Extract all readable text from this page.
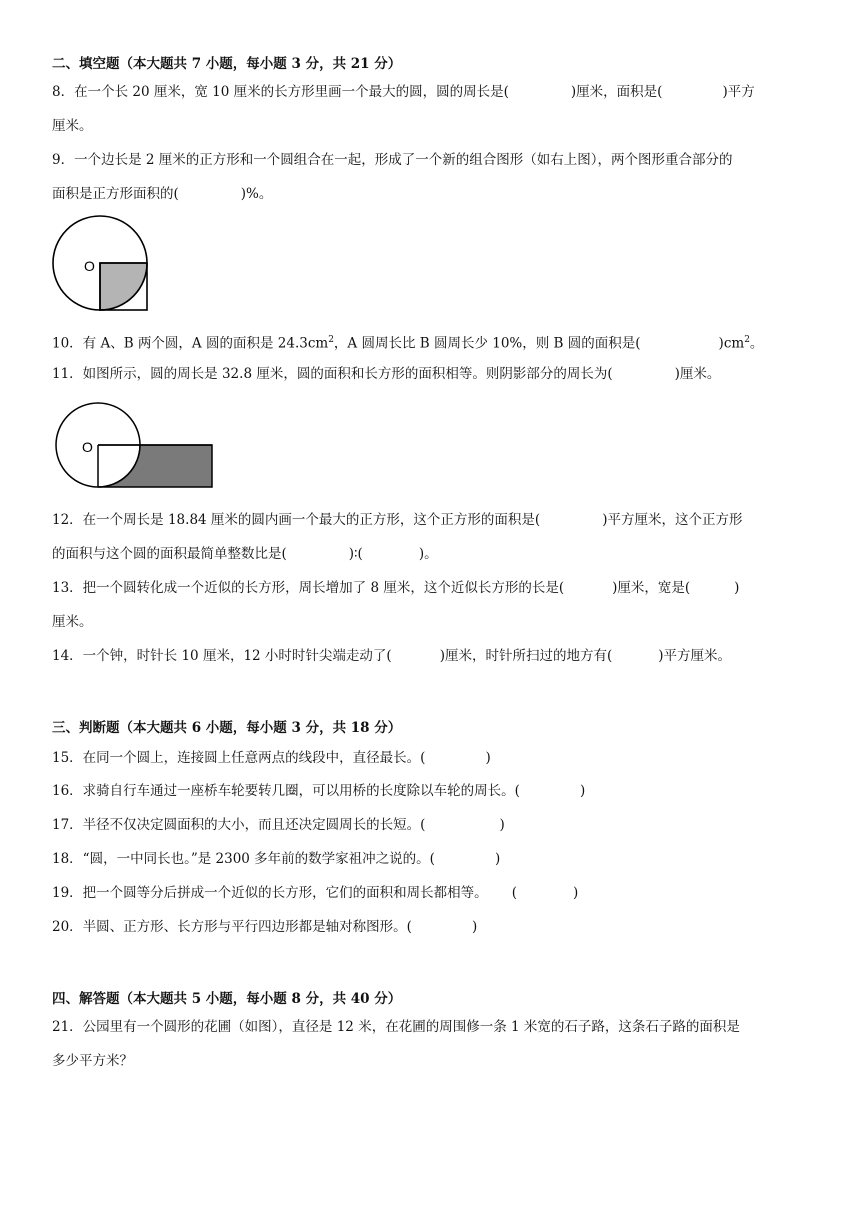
二、填空题（本大题共 7 小题，每小题 3 分，共 21 分）
8．在一个长 20 厘米，宽 10 厘米的长方形里画一个最大的圆，圆的周长是(	)厘米，面积是(	)平方
厘米。
9．一个边长是 2 厘米的正方形和一个圆组合在一起，形成了一个新的组合图形（如右上图），两个图形重合部分的
面积是正方形面积的(	)%。
O
10．有 A、B 两个圆，A 圆的面积是 $24.3cm^2$，A 圆周长比 B 圆周长少 10%，则 B 圆的面积是(	)$cm^2$。
11．如图所示，圆的周长是 32.8 厘米，圆的面积和长方形的面积相等。则阴影部分的周长为(	)厘米。
O
12．在一个周长是 18.84 厘米的圆内画一个最大的正方形，这个正方形的面积是(	)平方厘米，这个正方形
的面积与这个圆的面积最简单整数比是(	)∶(	)。
13．把一个圆转化成一个近似的长方形，周长增加了 8 厘米，这个近似长方形的长是(	)厘米，宽是(	)
厘米。
14．一个钟，时针长 10 厘米，12 小时时针尖端走动了(	)厘米，时针所扫过的地方有(	)平方厘米。
三、判断题（本大题共 6 小题，每小题 3 分，共 18 分）
15．在同一个圆上，连接圆上任意两点的线段中，直径最长。(	)
16．求骑自行车通过一座桥车轮要转几圈，可以用桥的长度除以车轮的周长。(	)
17．半径不仅决定圆面积的大小，而且还决定圆周长的长短。(	)
18．“圆，一中同长也。”是 2300 多年前的数学家祖冲之说的。(	)
19．把一个圆等分后拼成一个近似的长方形，它们的面积和周长都相等。 (	)
20．半圆、正方形、长方形与平行四边形都是轴对称图形。(	)
四、解答题（本大题共 5 小题，每小题 8 分，共 40 分）
21．公园里有一个圆形的花圃（如图），直径是 12 米，在花圃的周围修一条 1 米宽的石子路，这条石子路的面积是
多少平方米？
